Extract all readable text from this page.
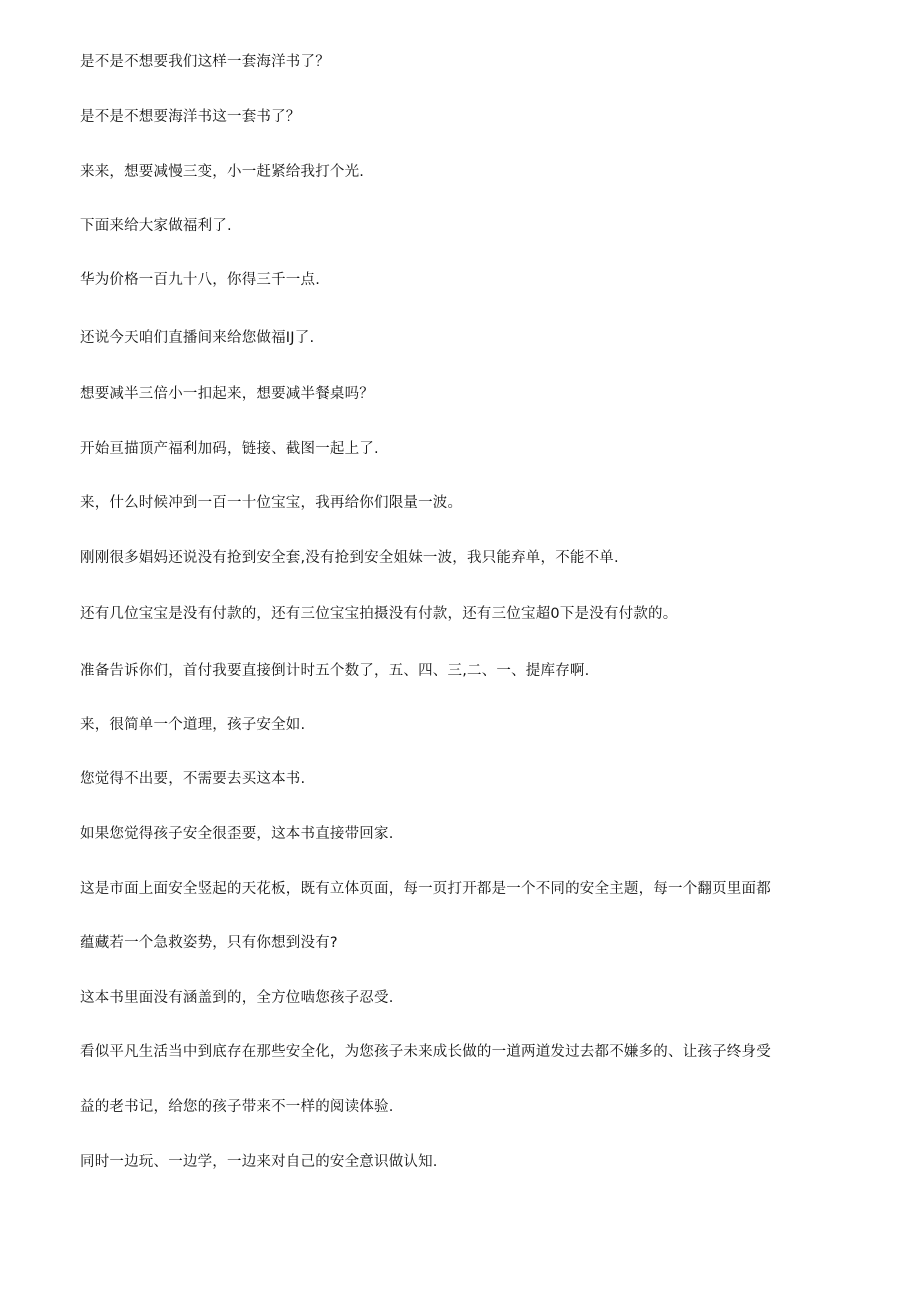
是不是不想要我们这样一套海洋书了？
是不是不想要海洋书这一套书了？
来来，想要减慢三变，小一赶紧给我打个光.
下面来给大家做福利了.
华为价格一百九十八，你得三千一点.
还说今天咱们直播间来给您做福IJ了.
想要减半三倍小一扣起来，想要减半餐桌吗？
开始亘描顶产福利加码，链接、截图一起上了.
来，什么时候冲到一百一十位宝宝，我再给你们限量一波。
刚刚很多娼妈还说没有抢到安全套,没有抢到安全姐妹一波，我只能弃单，不能不单.
还有几位宝宝是没有付款的，还有三位宝宝拍摄没有付款，还有三位宝超0下是没有付款的。
准备告诉你们，首付我要直接倒计时五个数了，五、四、三,二、一、提库存啊.
来，很简单一个道理，孩子安全如.
您觉得不出要，不需要去买这本书.
如果您觉得孩子安全很歪要，这本书直接带回家.
这是市面上面安全竖起的天花板，既有立体页面，每一页打开都是一个不同的安全主题，每一个翻页里面都
蕴藏若一个急救姿势，只有你想到没有?
这本书里面没有涵盖到的，全方位啮您孩子忍受.
看似平凡生活当中到底存在那些安全化，为您孩子未来成长做的一道两道发过去都不嫌多的、让孩子终身受
益的老书记，给您的孩子带来不一样的阅读体验.
同时一边玩、一边学，一边来对自己的安全意识做认知.
